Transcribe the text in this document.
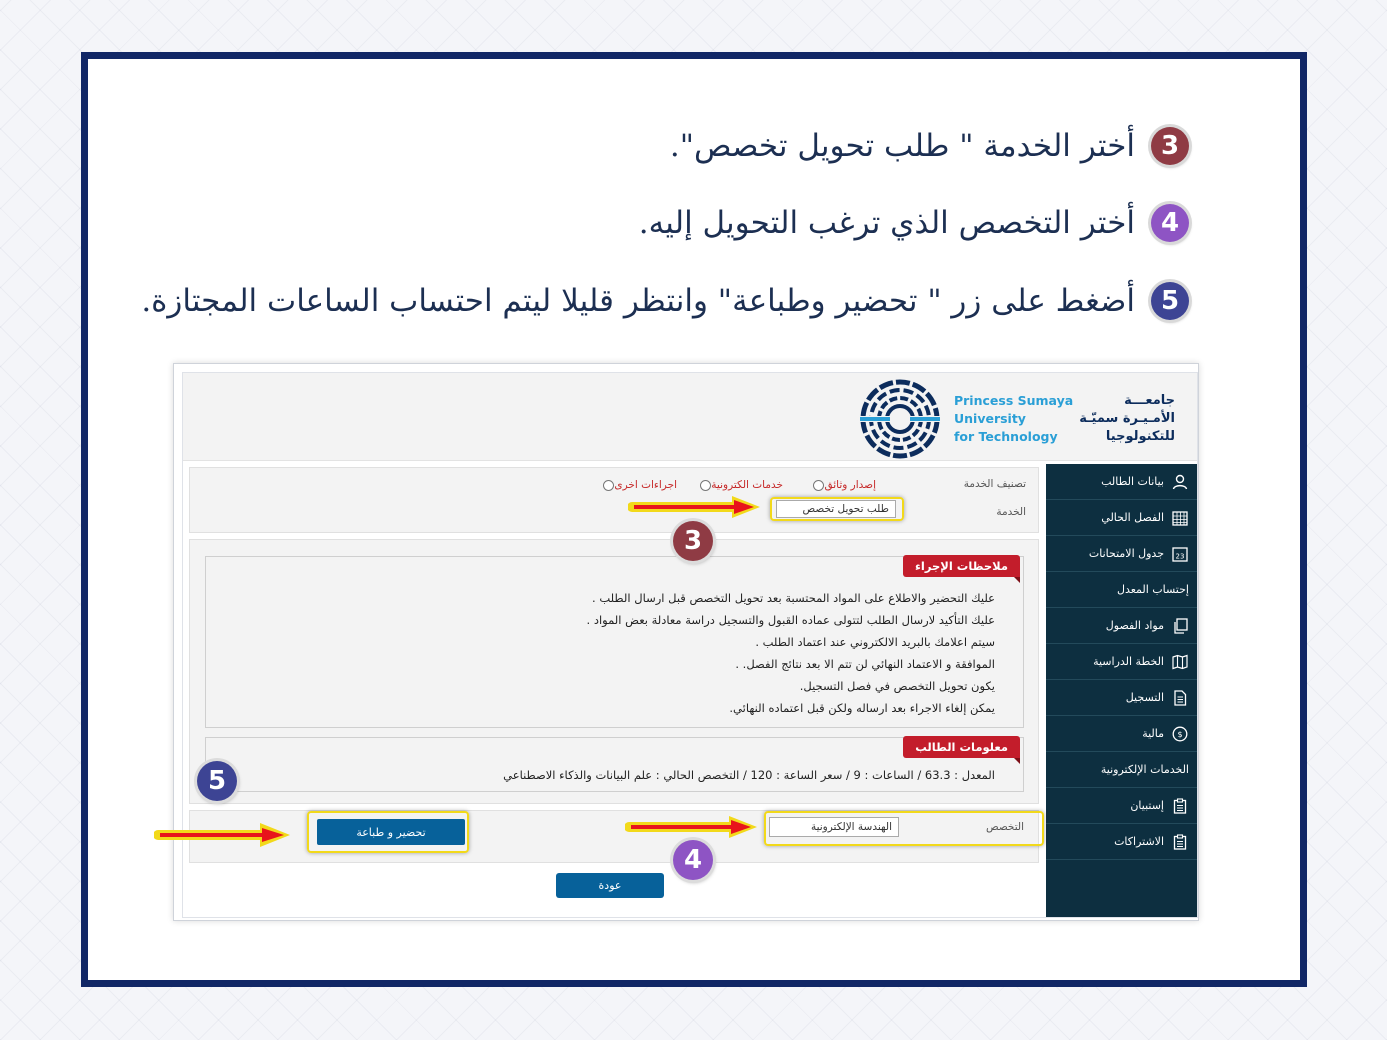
3
أختر الخدمة " طلب تحويل تخصص".
4
أختر التخصص الذي ترغب التحويل إليه.
5
أضغط على زر " تحضير وطباعة" وانتظر قليلا ليتم احتساب الساعات المجتازة.
Princess Sumaya
University
for Technology
جامعـــة
الأمـيـرة سميّـة
للتكنولوجيا
بيانات الطالب
الفصل الحالي
23
جدول الامتحانات
إحتساب المعدل
مواد الفصول
الخطة الدراسية
التسجيل
$
مالية
الخدمات الإلكترونية
إستبيان
الاشتراكات
تصنيف الخدمة
إصدار وثائق
خدمات الكترونية
اجراءات اخرى
الخدمة
طلب تحويل تخصص
عليك التحضير والاطلاع على المواد المحتسبة بعد تحويل التخصص قبل ارسال الطلب .
عليك التأكيد لارسال الطلب لتتولى عماده القبول والتسجيل دراسة معادلة بعض المواد .
سيتم اعلامك بالبريد الالكتروني عند اعتماد الطلب .
الموافقة و الاعتماد النهائي لن تتم الا بعد نتائج الفصل. .
يكون تحويل التخصص في فصل التسجيل.
يمكن إلغاء الاجراء بعد ارساله ولكن قبل اعتماده النهائي.
ملاحظات الإجراء
المعدل : 63.3 / الساعات : 9 / سعر الساعة : 120 / التخصص الحالي : علم البيانات والذكاء الاصطناعي
معلومات الطالب
التخصص
الهندسة الإلكترونية
تحضير و طباعة
عودة
3
4
5
